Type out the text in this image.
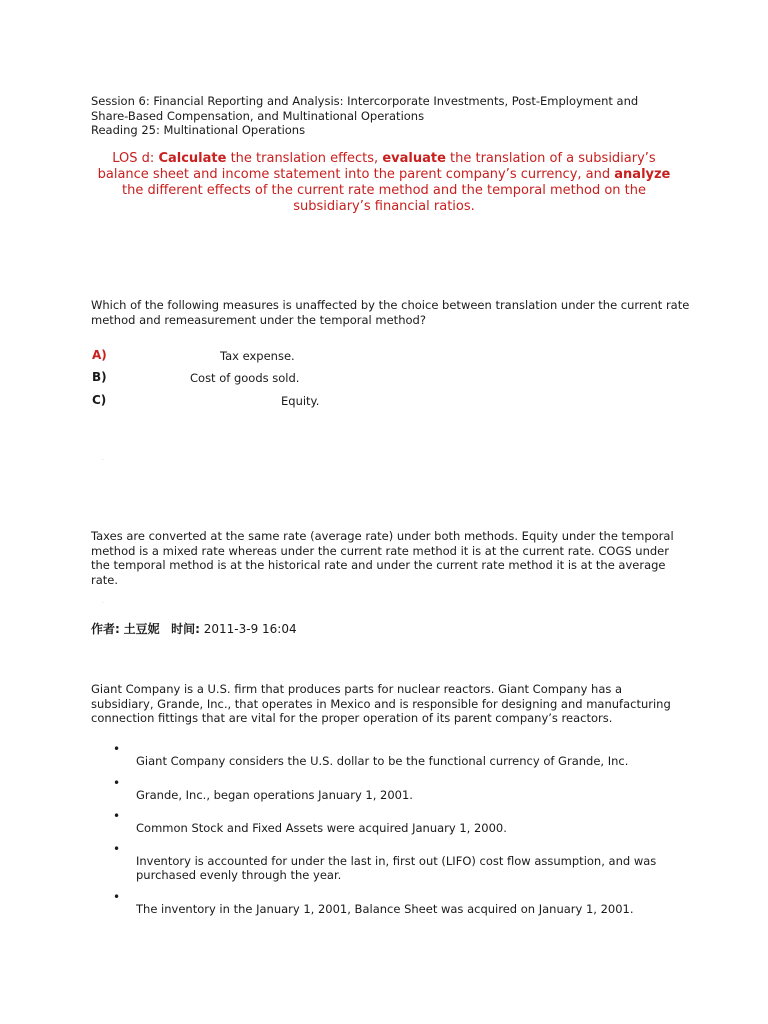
Session 6: Financial Reporting and Analysis: Intercorporate Investments, Post-Employment and

Share-Based Compensation, and Multinational Operations

Reading 25: Multinational Operations

LOS d: Calculate the translation effects, evaluate the translation of a subsidiary’s balance sheet and income statement into the parent company’s currency, and analyze the different effects of the current rate method and the temporal method on the subsidiary’s financial ratios.

Which of the following measures is unaffected by the choice between translation under the current rate method and remeasurement under the temporal method?

A)	Tax expense.
B)	Cost of goods sold.
C)	Equity.
·

Taxes are converted at the same rate (average rate) under both methods. Equity under the temporal method is a mixed rate whereas under the current rate method it is at the current rate. COGS under the temporal method is at the historical rate and under the current rate method it is at the average rate.

·
作者: 土豆妮 时间: 2011-3-9 16:04

Giant Company is a U.S. firm that produces parts for nuclear reactors. Giant Company has a subsidiary, Grande, Inc., that operates in Mexico and is responsible for designing and manufacturing connection fittings that are vital for the proper operation of its parent company’s reactors.

•

Giant Company considers the U.S. dollar to be the functional currency of Grande, Inc.

•

Grande, Inc., began operations January 1, 2001.

•

Common Stock and Fixed Assets were acquired January 1, 2000.

•

Inventory is accounted for under the last in, first out (LIFO) cost flow assumption, and was purchased evenly through the year.

•

The inventory in the January 1, 2001, Balance Sheet was acquired on January 1, 2001.
